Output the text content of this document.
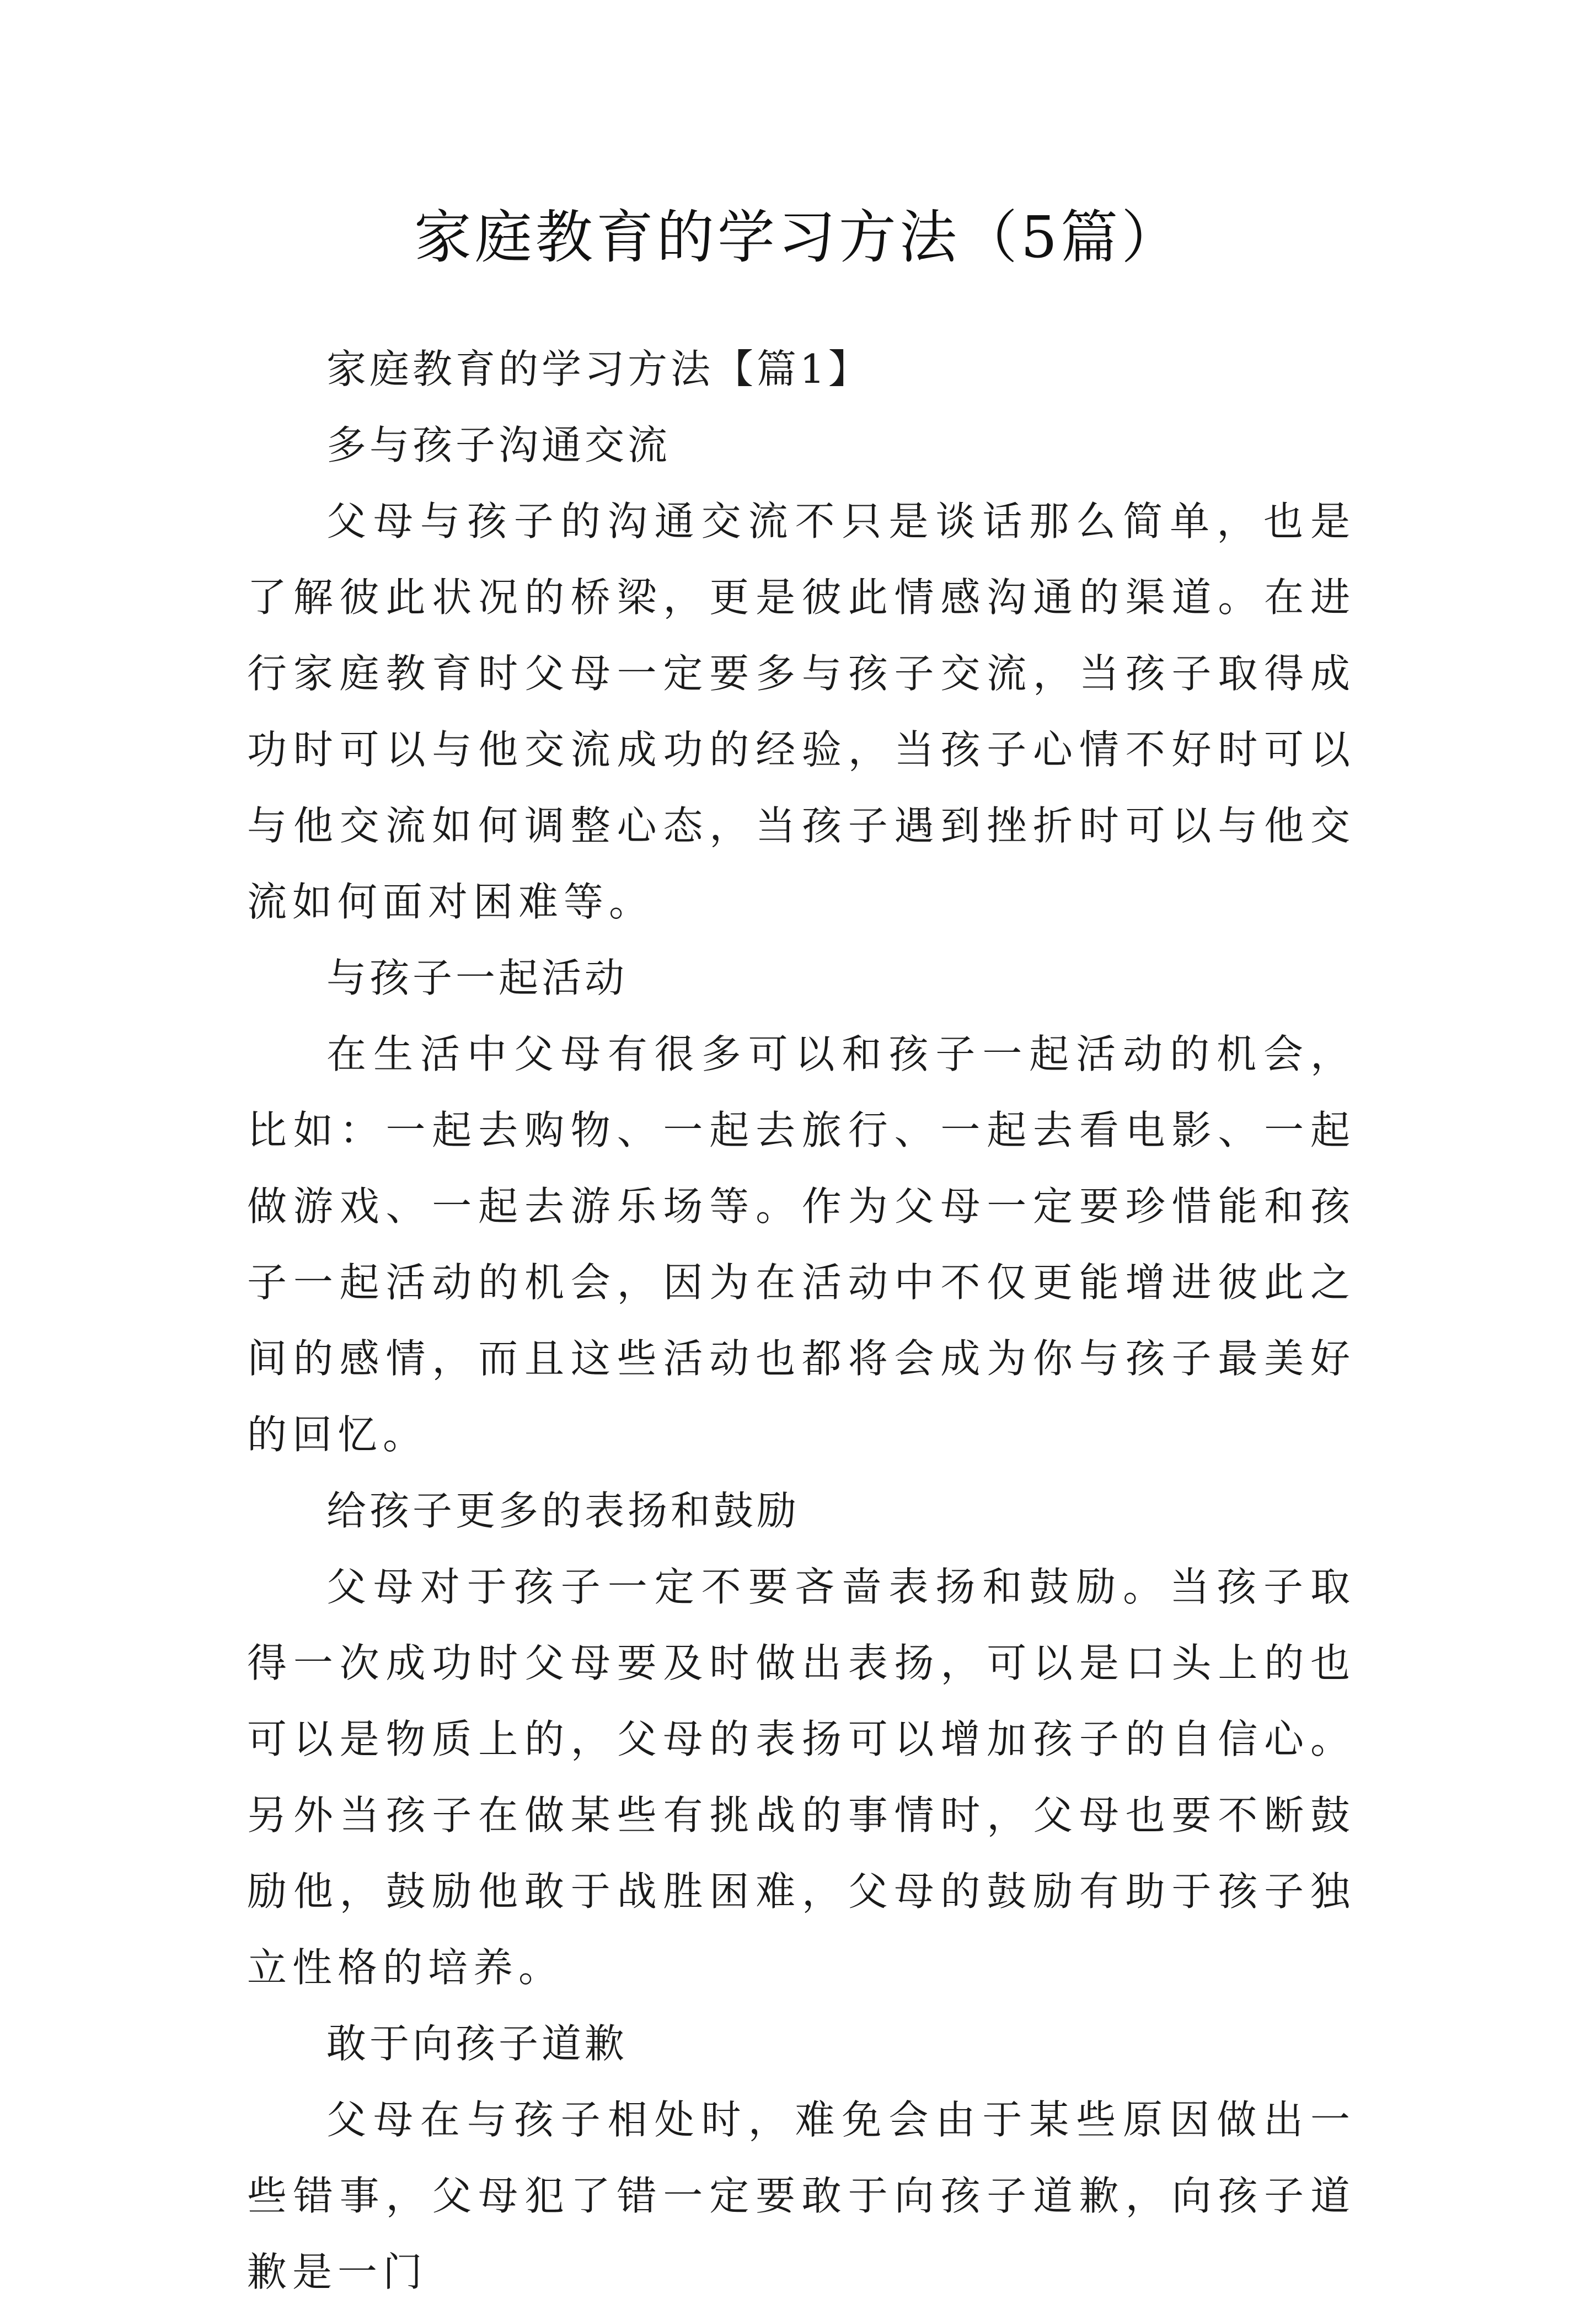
家庭教育的学习方法（5篇）

家庭教育的学习方法【篇1】

多与孩子沟通交流

父母与孩子的沟通交流不只是谈话那么简单，也是了解彼此状况的桥梁，更是彼此情感沟通的渠道。在进行家庭教育时父母一定要多与孩子交流，当孩子取得成功时可以与他交流成功的经验，当孩子心情不好时可以与他交流如何调整心态，当孩子遇到挫折时可以与他交流如何面对困难等。

与孩子一起活动

在生活中父母有很多可以和孩子一起活动的机会，比如：一起去购物、一起去旅行、一起去看电影、一起做游戏、一起去游乐场等。作为父母一定要珍惜能和孩子一起活动的机会，因为在活动中不仅更能增进彼此之间的感情，而且这些活动也都将会成为你与孩子最美好的回忆。

给孩子更多的表扬和鼓励

父母对于孩子一定不要吝啬表扬和鼓励。当孩子取得一次成功时父母要及时做出表扬，可以是口头上的也可以是物质上的，父母的表扬可以增加孩子的自信心。另外当孩子在做某些有挑战的事情时，父母也要不断鼓励他，鼓励他敢于战胜困难，父母的鼓励有助于孩子独立性格的培养。

敢于向孩子道歉

父母在与孩子相处时，难免会由于某些原因做出一些错事，父母犯了错一定要敢于向孩子道歉，向孩子道歉是一门
